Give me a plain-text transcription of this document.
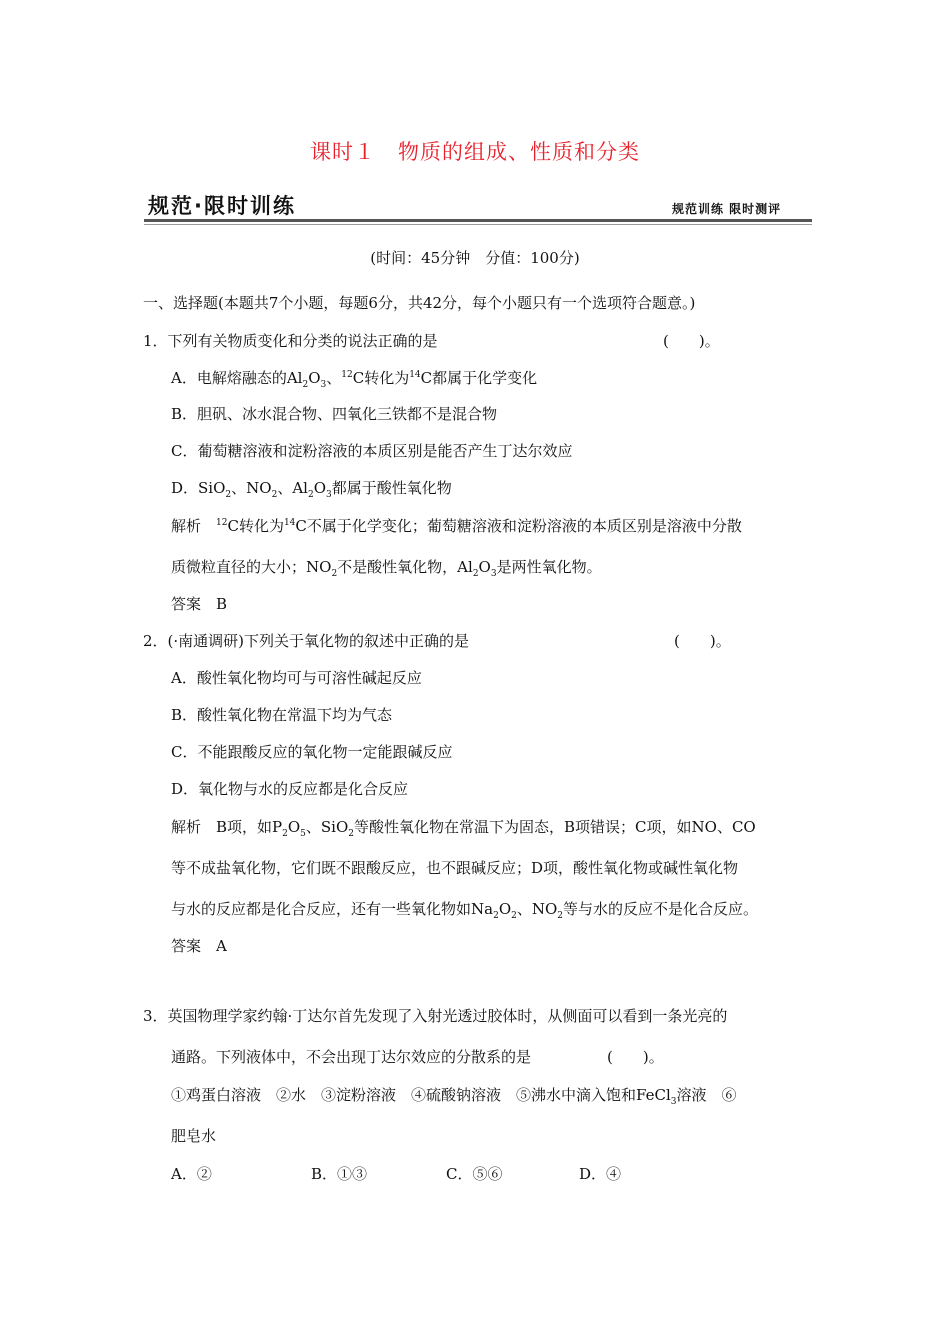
课时１　物质的组成、性质和分类
规范·限时训练	规范训练 限时测评
(时间：45分钟　分值：100分)
一、选择题(本题共7个小题，每题6分，共42分，每个小题只有一个选项符合题意。)
1．下列有关物质变化和分类的说法正确的是	(　　)。
A．电解熔融态的$Al_2O_3$、$^{12}$C转化为$^{14}$C都属于化学变化
B．胆矾、冰水混合物、四氧化三铁都不是混合物
C．葡萄糖溶液和淀粉溶液的本质区别是能否产生丁达尔效应
D．SiO$_2$、$NO_2$、$Al_2O_3$都属于酸性氧化物
解析　$^{12}$C转化为$^{14}$C不属于化学变化；葡萄糖溶液和淀粉溶液的本质区别是溶液中分散
质微粒直径的大小；$NO_2$不是酸性氧化物，$Al_2O_3$是两性氧化物。
答案　B
2．(·南通调研)下列关于氧化物的叙述中正确的是	(　　)。
A．酸性氧化物均可与可溶性碱起反应
B．酸性氧化物在常温下均为气态
C．不能跟酸反应的氧化物一定能跟碱反应
D．氧化物与水的反应都是化合反应
解析　B项，如$P_2O_5$、SiO$_2$等酸性氧化物在常温下为固态，B项错误；C项，如NO、CO
等不成盐氧化物，它们既不跟酸反应，也不跟碱反应；D项，酸性氧化物或碱性氧化物
与水的反应都是化合反应，还有一些氧化物如$Na_2O_2$、$NO_2$等与水的反应不是化合反应。
答案　A
3．英国物理学家约翰·丁达尔首先发现了入射光透过胶体时，从侧面可以看到一条光亮的
通路。下列液体中，不会出现丁达尔效应的分散系的是	(　　)。
①鸡蛋白溶液　②水　③淀粉溶液　④硫酸钠溶液　⑤沸水中滴入饱和FeCl$_3$溶液　⑥
肥皂水
A．②	B．①③	C．⑤⑥	D．④
